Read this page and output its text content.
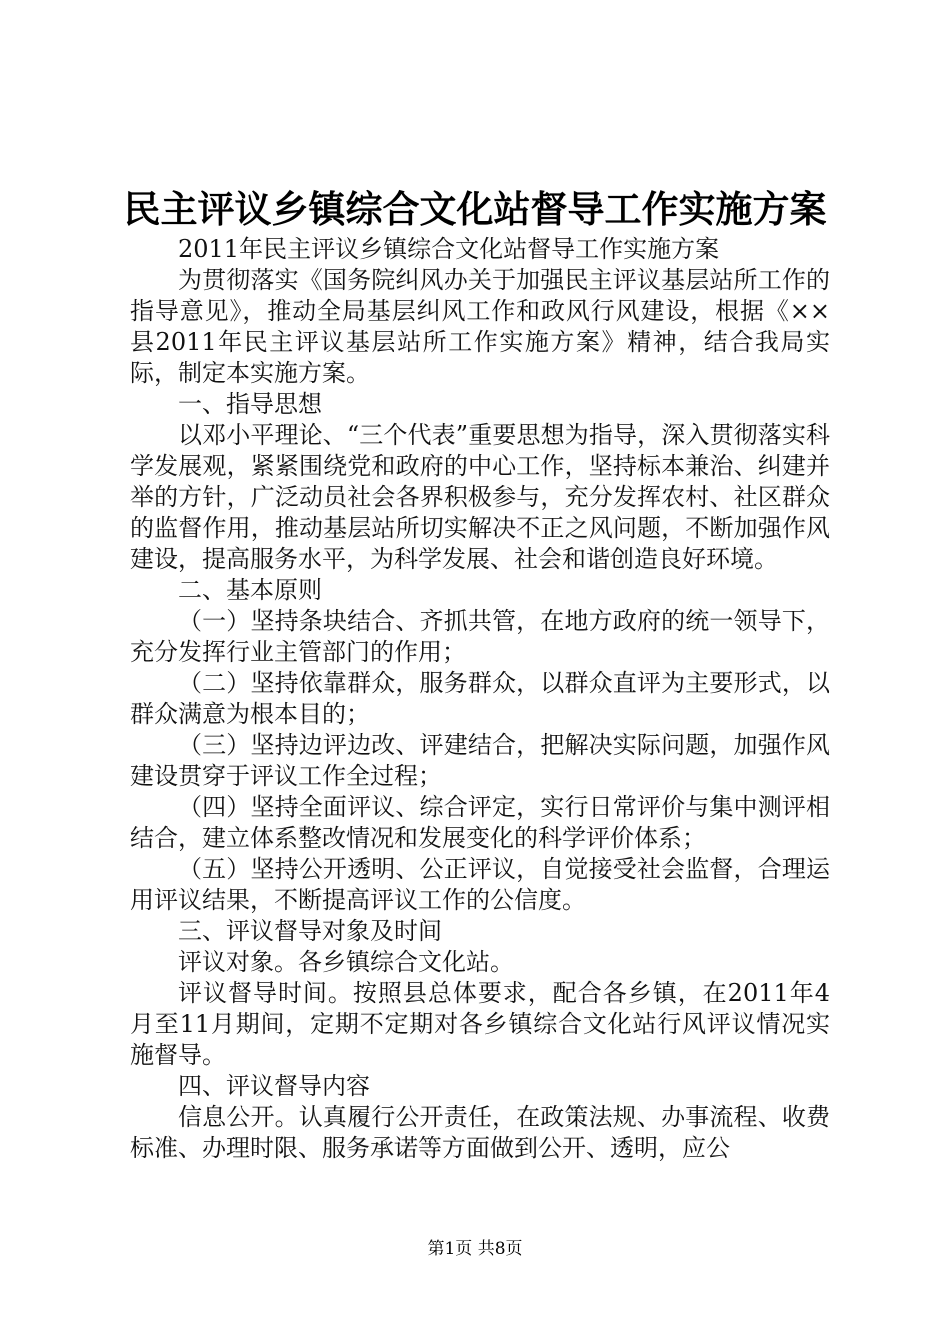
民主评议乡镇综合文化站督导工作实施方案

2011年民主评议乡镇综合文化站督导工作实施方案

为贯彻落实《国务院纠风办关于加强民主评议基层站所工作的指导意见》，推动全局基层纠风工作和政风行风建设，根据《××县2011年民主评议基层站所工作实施方案》精神，结合我局实际，制定本实施方案。

一、指导思想

以邓小平理论、“三个代表”重要思想为指导，深入贯彻落实科学发展观，紧紧围绕党和政府的中心工作，坚持标本兼治、纠建并举的方针，广泛动员社会各界积极参与，充分发挥农村、社区群众的监督作用，推动基层站所切实解决不正之风问题，不断加强作风建设，提高服务水平，为科学发展、社会和谐创造良好环境。

二、基本原则

（一）坚持条块结合、齐抓共管，在地方政府的统一领导下，充分发挥行业主管部门的作用；

（二）坚持依靠群众，服务群众，以群众直评为主要形式，以群众满意为根本目的；

（三）坚持边评边改、评建结合，把解决实际问题，加强作风建设贯穿于评议工作全过程；

（四）坚持全面评议、综合评定，实行日常评价与集中测评相结合，建立体系整改情况和发展变化的科学评价体系；

（五）坚持公开透明、公正评议，自觉接受社会监督，合理运用评议结果，不断提高评议工作的公信度。

三、评议督导对象及时间

评议对象。各乡镇综合文化站。

评议督导时间。按照县总体要求，配合各乡镇，在2011年4月至11月期间，定期不定期对各乡镇综合文化站行风评议情况实施督导。

四、评议督导内容

信息公开。认真履行公开责任，在政策法规、办事流程、收费标准、办理时限、服务承诺等方面做到公开、透明，应公

第1页 共8页
